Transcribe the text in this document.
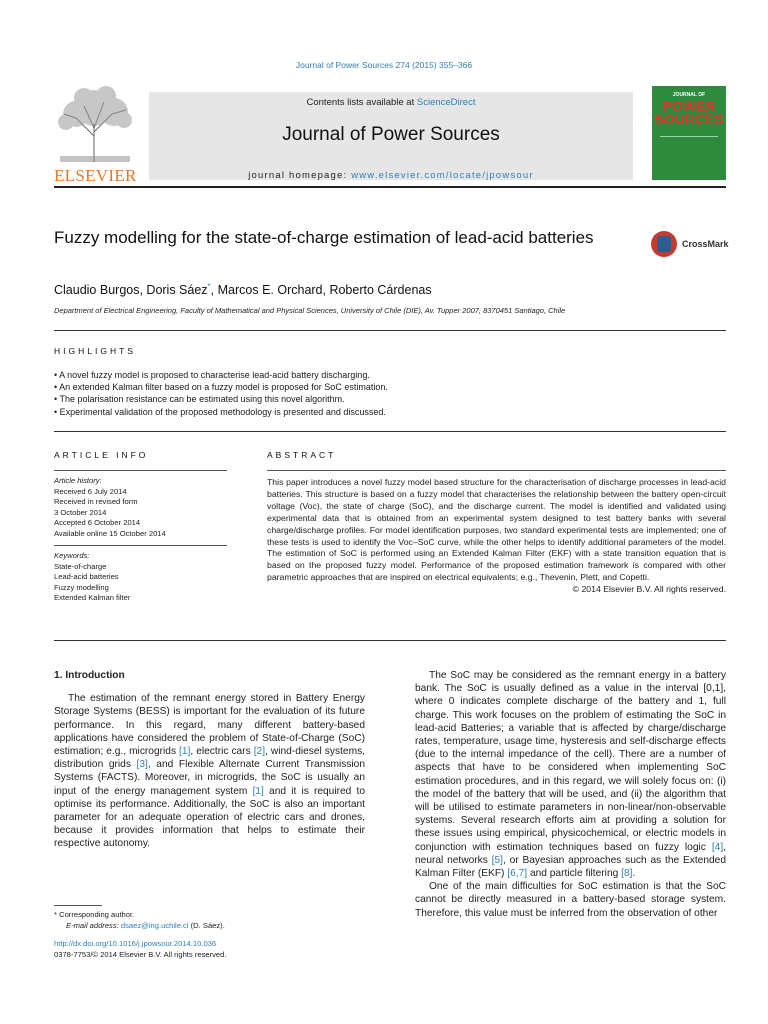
Journal of Power Sources 274 (2015) 355–366
ELSEVIER
Contents lists available at ScienceDirect
Journal of Power Sources
journal homepage: www.elsevier.com/locate/jpowsour
JOURNAL OF
POWER
SOURCES
Fuzzy modelling for the state-of-charge estimation of lead-acid batteries	CrossMark
Claudio Burgos, Doris Sáez*, Marcos E. Orchard, Roberto Cárdenas
Department of Electrical Engineering, Faculty of Mathematical and Physical Sciences, University of Chile (DIE), Av. Tupper 2007, 8370451 Santiago, Chile
HIGHLIGHTS
• A novel fuzzy model is proposed to characterise lead-acid battery discharging.
• An extended Kalman filter based on a fuzzy model is proposed for SoC estimation.
• The polarisation resistance can be estimated using this novel algorithm.
• Experimental validation of the proposed methodology is presented and discussed.
ARTICLE INFO	ABSTRACT
Article history:
Received 6 July 2014
Received in revised form
3 October 2014
Accepted 6 October 2014
Available online 15 October 2014
Keywords:
State-of-charge
Lead-acid batteries
Fuzzy modelling
Extended Kalman filter
This paper introduces a novel fuzzy model based structure for the characterisation of discharge processes in lead-acid batteries. This structure is based on a fuzzy model that characterises the relationship between the battery open-circuit voltage (Voc), the state of charge (SoC), and the discharge current. The model is identified and validated using experimental data that is obtained from an experimental system designed to test battery banks with several charge/discharge profiles. For model identification purposes, two standard experimental tests are implemented; one of these tests is used to identify the Voc–SoC curve, while the other helps to identify additional parameters of the model. The estimation of SoC is performed using an Extended Kalman Filter (EKF) with a state transition equation that is based on the proposed fuzzy model. Performance of the proposed estimation framework is compared with other parametric approaches that are inspired on electrical equivalents; e.g., Thevenin, Plett, and Copetti.
© 2014 Elsevier B.V. All rights reserved.
1. Introduction

The estimation of the remnant energy stored in Battery Energy Storage Systems (BESS) is important for the evaluation of its future performance. In this regard, many different battery-based applications have considered the problem of State-of-Charge (SoC) estimation; e.g., microgrids [1], electric cars [2], wind-diesel systems, distribution grids [3], and Flexible Alternate Current Transmission Systems (FACTS). Moreover, in microgrids, the SoC is usually an input of the energy management system [1] and it is required to optimise its performance. Additionally, the SoC is also an important parameter for an adequate operation of electric cars and drones, because it provides information that helps to estimate their respective autonomy.

The SoC may be considered as the remnant energy in a battery bank. The SoC is usually defined as a value in the interval [0,1], where 0 indicates complete discharge of the battery and 1, full charge. This work focuses on the problem of estimating the SoC in lead-acid Batteries; a variable that is affected by charge/discharge rates, temperature, usage time, hysteresis and self-discharge effects (due to the internal impedance of the cell). There are a number of aspects that have to be considered when implementing SoC estimation procedures, and in this regard, we will solely focus on: (i) the model of the battery that will be used, and (ii) the algorithm that will be utilised to estimate parameters in non-linear/non-observable systems. Several research efforts aim at providing a solution for these issues using empirical, physicochemical, or electric models in conjunction with estimation techniques based on fuzzy logic [4], neural networks [5], or Bayesian approaches such as the Extended Kalman Filter (EKF) [6,7] and particle filtering [8].

One of the main difficulties for SoC estimation is that the SoC cannot be directly measured in a battery-based storage system. Therefore, this value must be inferred from the observation of other

* Corresponding author.
E-mail address: dsaez@ing.uchile.cl (D. Sáez).
http://dx.doi.org/10.1016/j.jpowsour.2014.10.036
0378-7753/© 2014 Elsevier B.V. All rights reserved.
